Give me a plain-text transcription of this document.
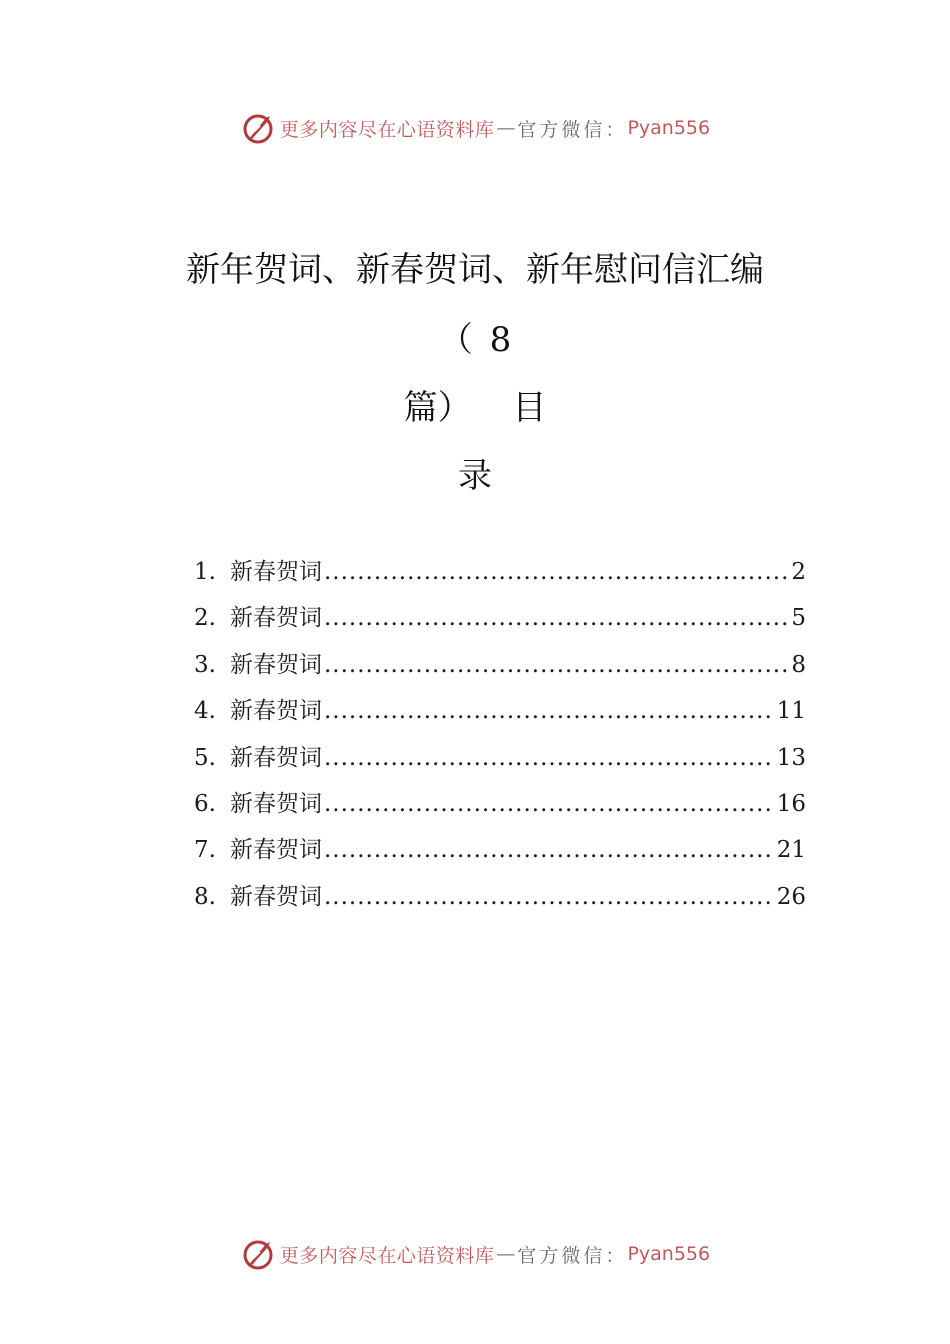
更多内容尽在心语资料库 — 官方微信： Pyan556
新年贺词、新春贺词、新年慰问信汇编
（ 8
篇） 目
录
1. 新春贺词 .....	2
2. 新春贺词 .....	5
3. 新春贺词 .....	8
4. 新春贺词 .....	11
5. 新春贺词 .....	13
6. 新春贺词 .....	16
7. 新春贺词 .....	21
8. 新春贺词 .....	26
更多内容尽在心语资料库 — 官方微信： Pyan556
